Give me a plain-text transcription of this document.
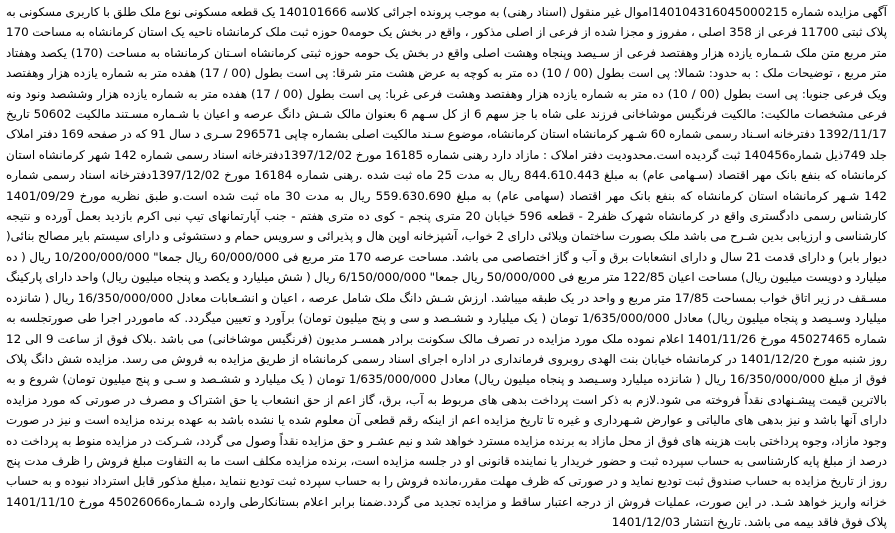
آگهی مزایده شماره 140104316045000215اموال غیر منقول (اسناد رهنی) به موجب پرونده اجرائی کلاسه 140101666 یک قطعه مسکونی نوع ملک طلق با کاربری مسکونی به پلاک ثبتی 11700 فرعی از 358 اصلی ، مفروز و مجزا شده از فرعی از اصلی مذکور ، واقع در بخش یک حومه0 حوزه ثبت ملک کرمانشاه ناحیه یک استان کرمانشاه به مساحت 170 متر مربع متن ملک شـماره یازده هزار وهفتصد فرعی از سـیصد وپنجاه وهشت اصلی واقع در بخش یک حومه حوزه ثبتی کرمانشاه اسـتان کرمانشاه به مساحت (170) یکصد وهفتاد متر مربع ، توضیحات ملک : به حدود: شمالا: پی است بطول (00 / 10) ده متر به کوچه به عرض هشت متر شرقا: پی است بطول (00 / 17) هفده متر به شماره یازده هزار وهفتصد ویک فرعی جنوبا: پی است بطول (00 / 10) ده متر به شماره یازده هزار وهفتصد وهشت فرعی غربا: پی است بطول (00 / 17) هفده متر به شماره یازده هزار وششصد ونود ونه فرعی مشخصات مالکیت: مالکیت فرنگیس موشاخانی فرزند علی شاه با جز سهم 6 از کل سـهم 6 بعنوان مالک شـش دانگ عرصه و اعیان با شـماره مسـتند مالکیت 50602 تاریخ 1392/11/17 دفترخانه اسـناد رسمی شماره 60 شـهر کرمانشاه استان کرمانشاه، موضوع سـند مالکیت اصلی بشماره چاپی 296571 سـری د سال 91 که در صفحه 169 دفتر املاک جلد 749ذیل شماره140456 ثبت گردیده است.محدودیت دفتر املاک : مازاد دارد رهنی شماره 16185 مورخ 1397/12/02دفترخانه اسناد رسمی شماره 142 شهر کرمانشاه استان کرمانشاه که بنفع بانک مهر اقتصاد (سـهامی عام) به مبلغ 844.610.443 ریال به مدت 25 ماه ثبت شده .رهنی شماره 16184 مورخ 1397/12/02دفترخانه اسناد رسمی شماره 142 شـهر کرمانشاه استان کرمانشاه که بنفع بانک مهر اقتصاد (سهامی عام) به مبلغ 559.630.690 ریال به مدت 30 ماه ثبت شده است.و طبق نظریه مورخ 1401/09/29 کارشناس رسمی دادگستری واقع در کرمانشاه شهرک ظفر2 - قطعه 596 خیابان 20 متری پنجم - کوی ده متری هفتم - جنب آپارتمانهای تیپ نبی اکرم بازدید بعمل آورده و نتیجه کارشناسی و ارزیابی بدین شـرح می باشد ملک بصورت ساختمان ویلائی دارای 2 خواب، آشپزخانه اوپن هال و پذیرائی و سرویس حمام و دستشوئی و دارای سیستم بایر مصالح بنائی( دیوار بابر) و دارای قدمت 21 سال و دارای انشعابات برق و آب و گاز اختصاصی می باشد. مساحت عرصه 170 متر مربع فی 60/000/000 ریال جمعا" 10/200/000/000 ریال ( ده میلیارد و دویست میلیون ریال) مساحت اعیان 122/85 متر مربع فی 50/000/000 ریال جمعا" 6/150/000/000 ریال ( شش میلیارد و یکصد و پنجاه میلیون ریال) واحد دارای پارکینگ مسـقف در زیر اتاق خواب بمساحت 17/85 متر مربع و واحد در یک طبقه میباشد. ارزش شـش دانگ ملک شامل عرصه ، اعیان و انشـعابات معادل 16/350/000/000 ریال ( شانزده میلیارد وسـیصد و پنجاه میلیون ریال) معادل 1/635/000/000 تومان ( یک میلیارد و ششـصد و سی و پنج میلیون تومان) برآورد و تعیین میگردد. که ماموردر اجرا طی صورتجلسه به شماره 45027465 مورخ 1401/11/26 اعلام نموده ملک مورد مزایده در تصرف مالک سکونت برادر همسـر مدیون (فرنگیس موشاخانی) می باشد .بلاک فوق از ساعت 9 الی 12 روز شنبه مورخ 1401/12/20 در کرمانشاه خیابان بنت الهدی روبروی فرمانداری در اداره اجرای اسناد رسمی کرمانشاه از طریق مزایده به فروش می رسد. مزایده شش دانگ پلاک فوق از مبلغ 16/350/000/000 ریال ( شانزده میلیارد وسـیصد و پنجاه میلیون ریال) معادل 1/635/000/000 تومان ( یک میلیارد و ششـصد و سـی و پنج میلیون تومان) شروع و به بالاترین قیمت پیشـنهادی نقداً فروخته می شود.لازم به ذکر است پرداخت بدهی های مربوط به آب، برق، گاز اعم از حق انشعاب یا حق اشتراک و مصرف در صورتی که مورد مزایده دارای آنها باشد و نیز بدهی های مالیاتی و عوارض شـهرداری و غیره تا تاریخ مزایده اعم از اینکه رقم قطعی آن معلوم شده یا نشده باشد به عهده برنده مزایده است و نیز در صورت وجود مازاد، وجوه پرداختی بابت هزینه های فوق از محل مازاد به برنده مزایده مسترد خواهد شد و نیم عشـر و حق مزایده نقداً وصول می گردد، شـرکت در مزایده منوط به پرداخت ده درصد از مبلغ پایه کارشناسی به حساب سپرده ثبت و حضور خریدار یا نماینده قانونی او در جلسه مزایده است، برنده مزایده مکلف است ما به التفاوت مبلغ فروش را ظرف مدت پنج روز از تاریخ مزایده به حساب صندوق ثبت تودیع نماید و در صورتی که ظرف مهلت مقرر،مانده فروش را به حساب سپرده ثبت تودیع ننماید ،مبلغ مذکور قابل استرداد نبوده و به حساب خزانه واریز خواهد شـد. در این صورت، عملیات فروش از درجه اعتبار ساقط و مزایده تجدید می گردد.ضمنا برابر اعلام بستانکارطی وارده شـماره45026066 مورخ 1401/11/10 پلاک فوق فاقد بیمه می باشد. تاریخ انتشار 1401/12/03
